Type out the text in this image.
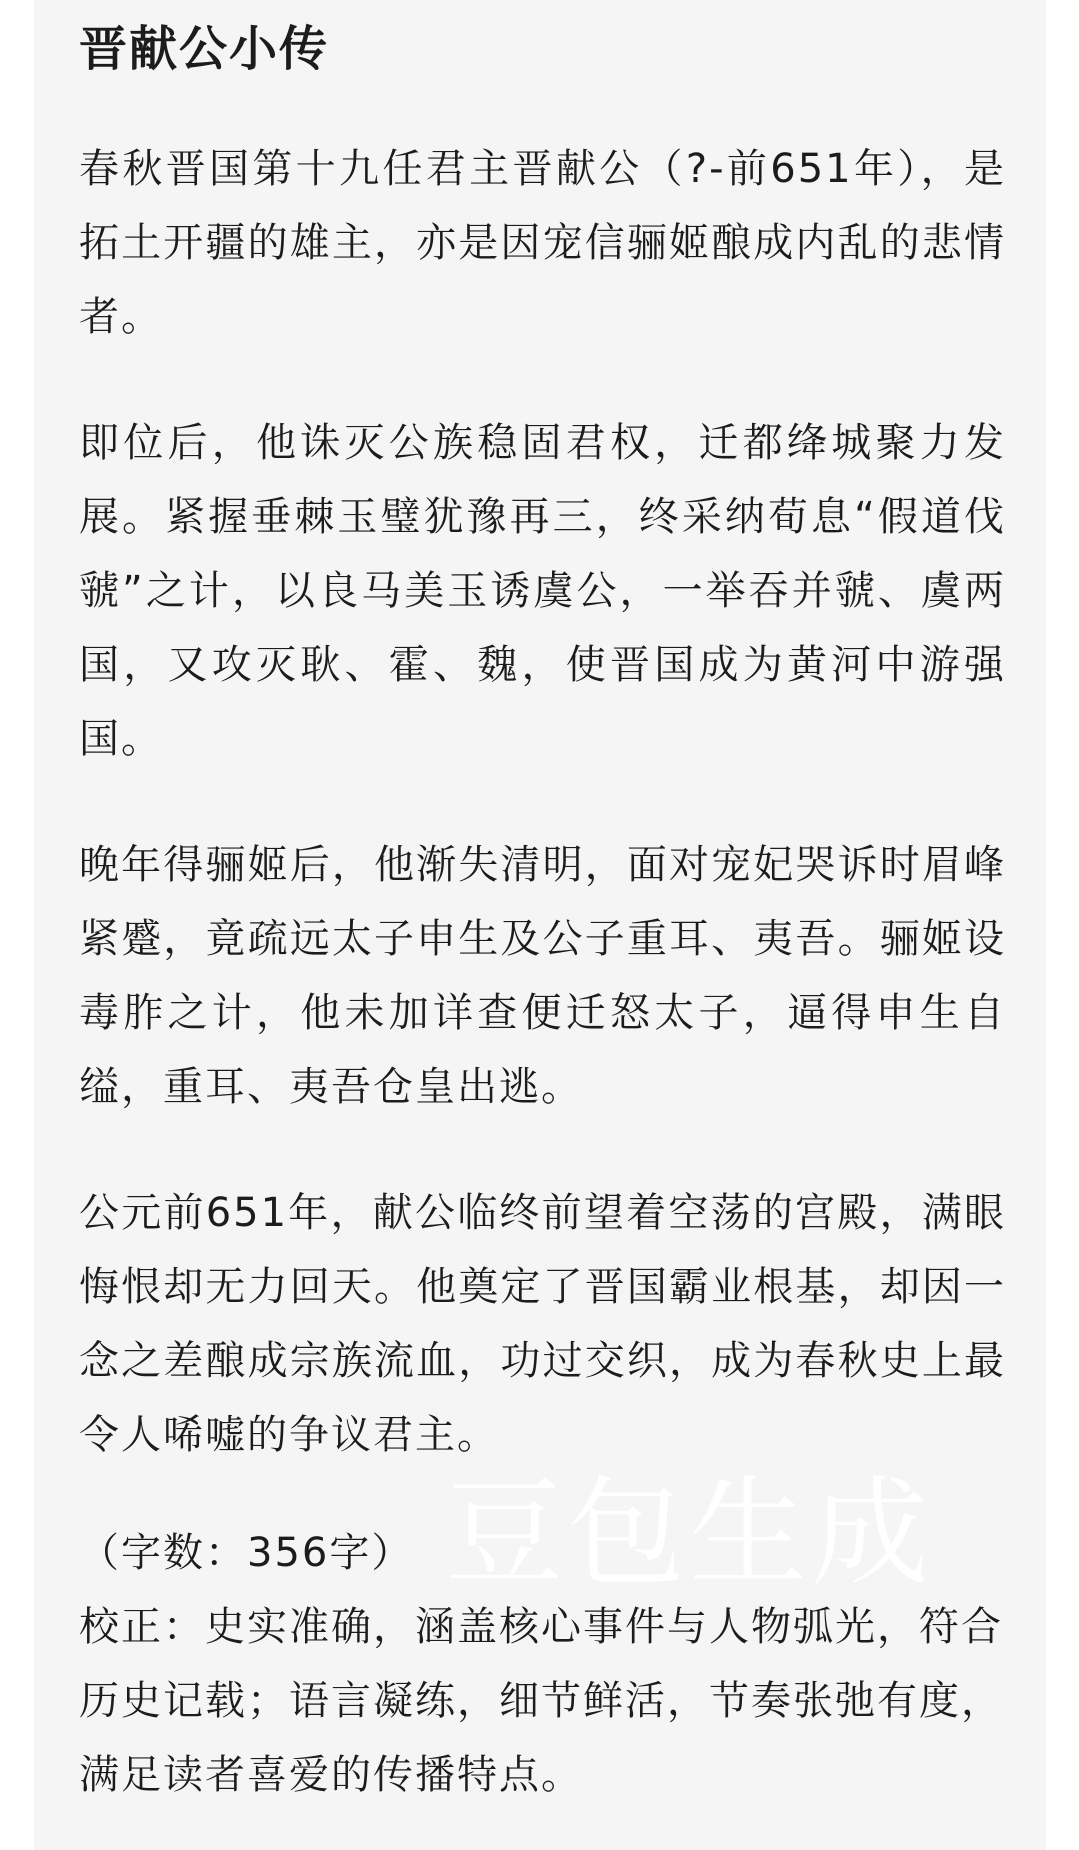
晋献公小传

春秋晋国第十九任君主晋献公（?-前651年），是拓土开疆的雄主，亦是因宠信骊姬酿成内乱的悲情者。

即位后，他诛灭公族稳固君权，迁都绛城聚力发展。紧握垂棘玉璧犹豫再三，终采纳荀息“假道伐虢”之计，以良马美玉诱虞公，一举吞并虢、虞两国，又攻灭耿、霍、魏，使晋国成为黄河中游强国。

晚年得骊姬后，他渐失清明，面对宠妃哭诉时眉峰紧蹙，竟疏远太子申生及公子重耳、夷吾。骊姬设毒胙之计，他未加详查便迁怒太子，逼得申生自缢，重耳、夷吾仓皇出逃。

公元前651年，献公临终前望着空荡的宫殿，满眼悔恨却无力回天。他奠定了晋国霸业根基，却因一念之差酿成宗族流血，功过交织，成为春秋史上最令人唏嘘的争议君主。

（字数：356字）

校正：史实准确，涵盖核心事件与人物弧光，符合历史记载；语言凝练，细节鲜活，节奏张弛有度，满足读者喜爱的传播特点。

豆包生成
